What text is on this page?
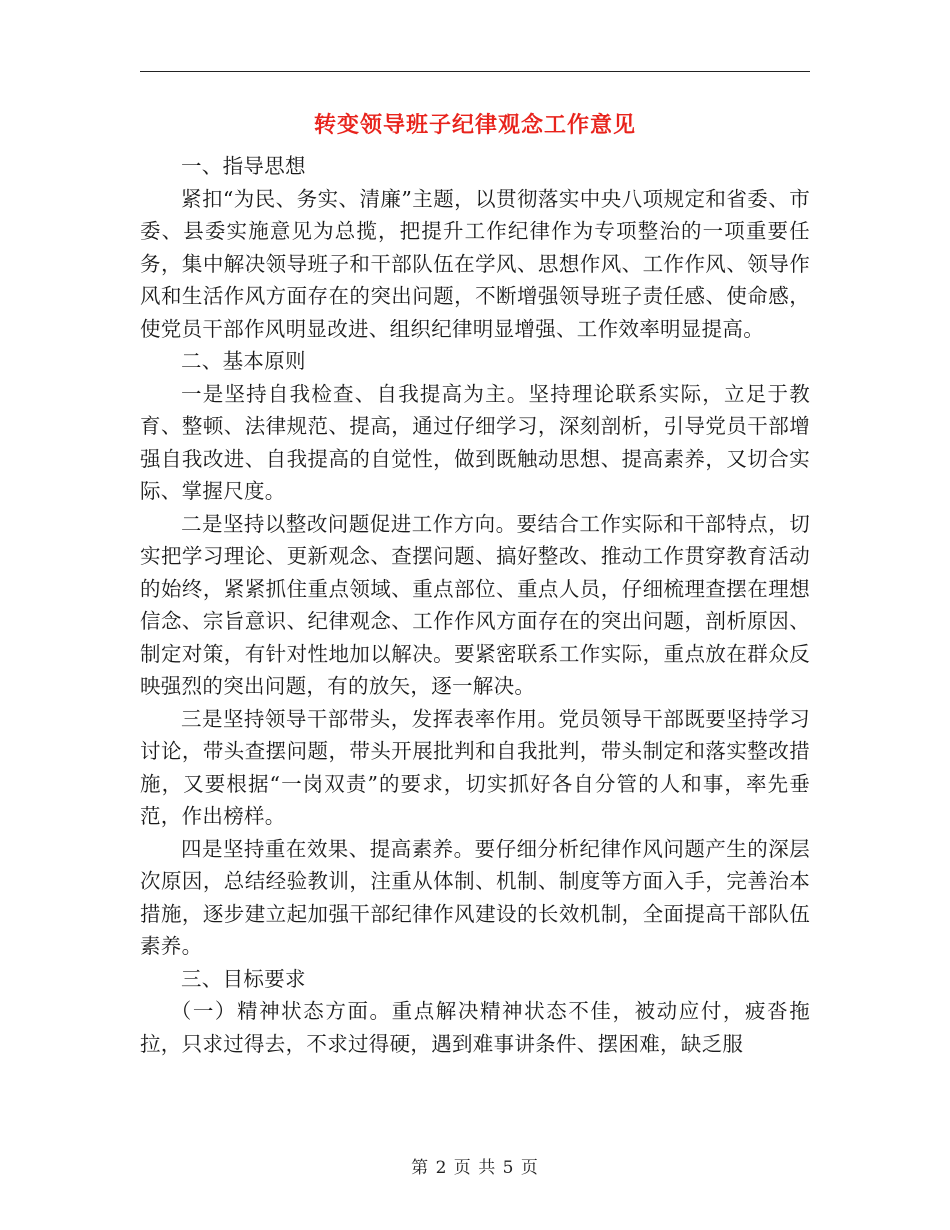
转变领导班子纪律观念工作意见

一、指导思想

紧扣“为民、务实、清廉”主题，以贯彻落实中央八项规定和省委、市委、县委实施意见为总揽，把提升工作纪律作为专项整治的一项重要任务，集中解决领导班子和干部队伍在学风、思想作风、工作作风、领导作风和生活作风方面存在的突出问题，不断增强领导班子责任感、使命感，使党员干部作风明显改进、组织纪律明显增强、工作效率明显提高。

二、基本原则

一是坚持自我检查、自我提高为主。坚持理论联系实际，立足于教育、整顿、法律规范、提高，通过仔细学习，深刻剖析，引导党员干部增强自我改进、自我提高的自觉性，做到既触动思想、提高素养，又切合实际、掌握尺度。

二是坚持以整改问题促进工作方向。要结合工作实际和干部特点，切实把学习理论、更新观念、查摆问题、搞好整改、推动工作贯穿教育活动的始终，紧紧抓住重点领域、重点部位、重点人员，仔细梳理查摆在理想信念、宗旨意识、纪律观念、工作作风方面存在的突出问题，剖析原因、制定对策，有针对性地加以解决。要紧密联系工作实际，重点放在群众反映强烈的突出问题，有的放矢，逐一解决。

三是坚持领导干部带头，发挥表率作用。党员领导干部既要坚持学习讨论，带头查摆问题，带头开展批判和自我批判，带头制定和落实整改措施，又要根据“一岗双责”的要求，切实抓好各自分管的人和事，率先垂范，作出榜样。

四是坚持重在效果、提高素养。要仔细分析纪律作风问题产生的深层次原因，总结经验教训，注重从体制、机制、制度等方面入手，完善治本措施，逐步建立起加强干部纪律作风建设的长效机制，全面提高干部队伍素养。

三、目标要求

（一）精神状态方面。重点解决精神状态不佳，被动应付，疲沓拖拉，只求过得去，不求过得硬，遇到难事讲条件、摆困难，缺乏服

第 2 页 共 5 页
